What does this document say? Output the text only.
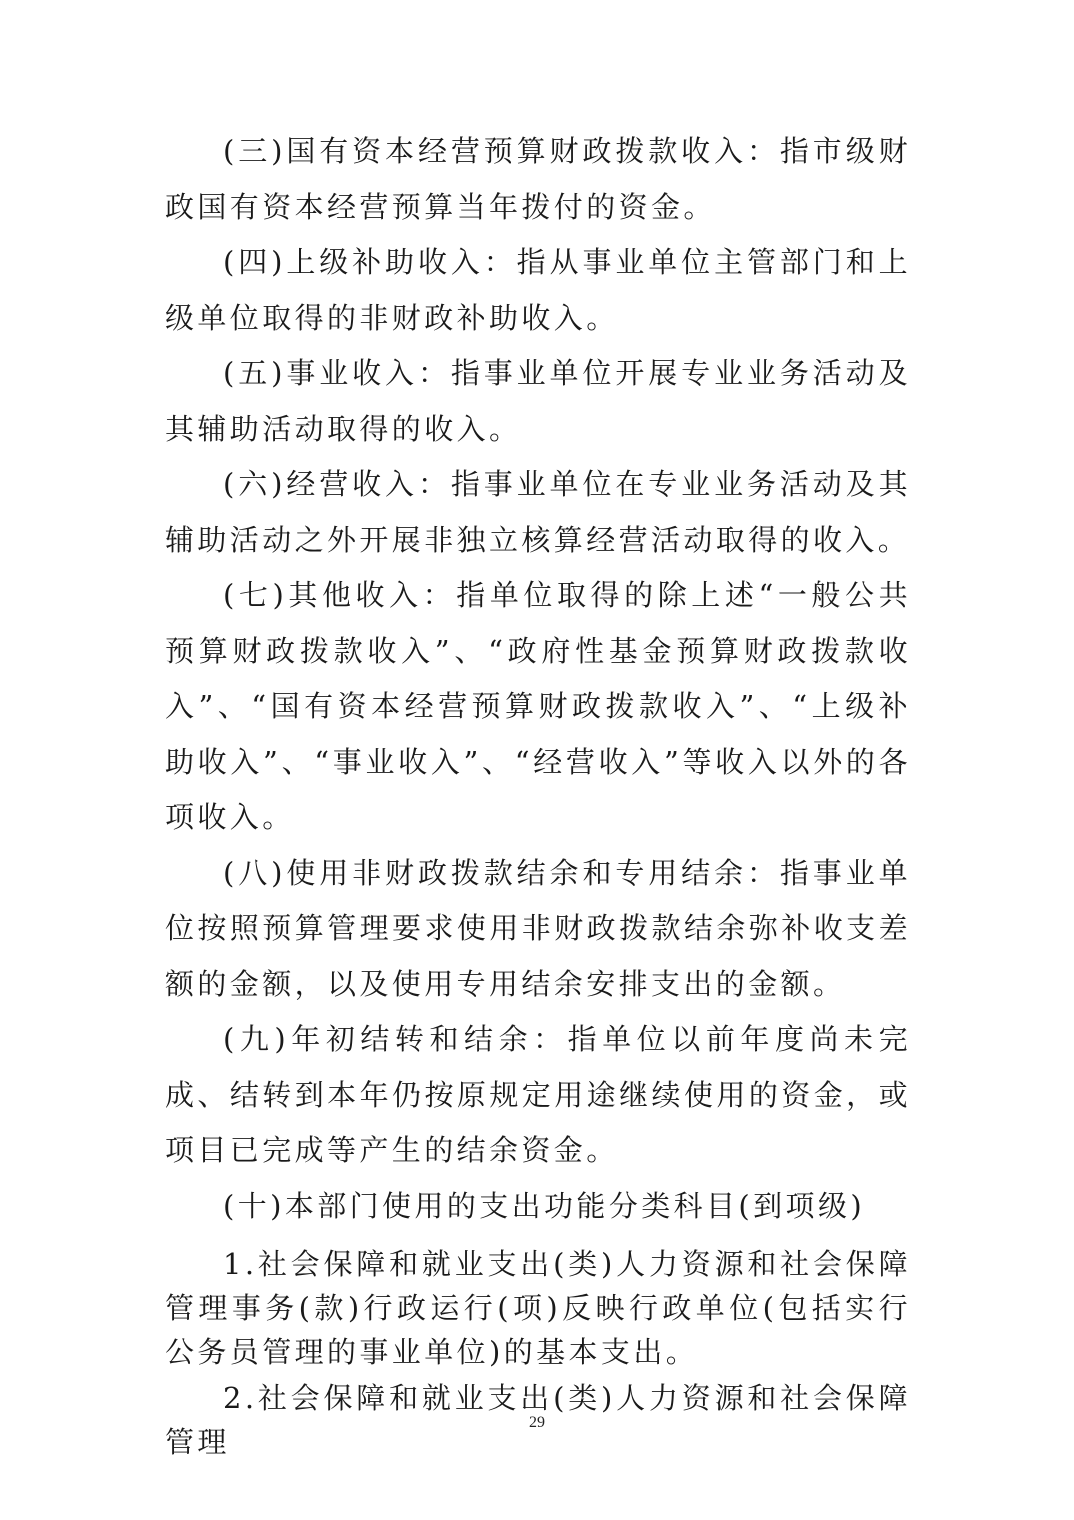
(三)国有资本经营预算财政拨款收入：指市级财政国有资本经营预算当年拨付的资金。

(四)上级补助收入：指从事业单位主管部门和上级单位取得的非财政补助收入。

(五)事业收入：指事业单位开展专业业务活动及其辅助活动取得的收入。

(六)经营收入：指事业单位在专业业务活动及其辅助活动之外开展非独立核算经营活动取得的收入。

(七)其他收入：指单位取得的除上述“一般公共预算财政拨款收入”、“政府性基金预算财政拨款收入”、“国有资本经营预算财政拨款收入”、“上级补助收入”、“事业收入”、“经营收入”等收入以外的各项收入。

(八)使用非财政拨款结余和专用结余：指事业单位按照预算管理要求使用非财政拨款结余弥补收支差额的金额，以及使用专用结余安排支出的金额。

(九)年初结转和结余：指单位以前年度尚未完成、结转到本年仍按原规定用途继续使用的资金，或项目已完成等产生的结余资金。

(十)本部门使用的支出功能分类科目(到项级)

1.社会保障和就业支出(类)人力资源和社会保障管理事务(款)行政运行(项)反映行政单位(包括实行公务员管理的事业单位)的基本支出。

2.社会保障和就业支出(类)人力资源和社会保障管理

29
